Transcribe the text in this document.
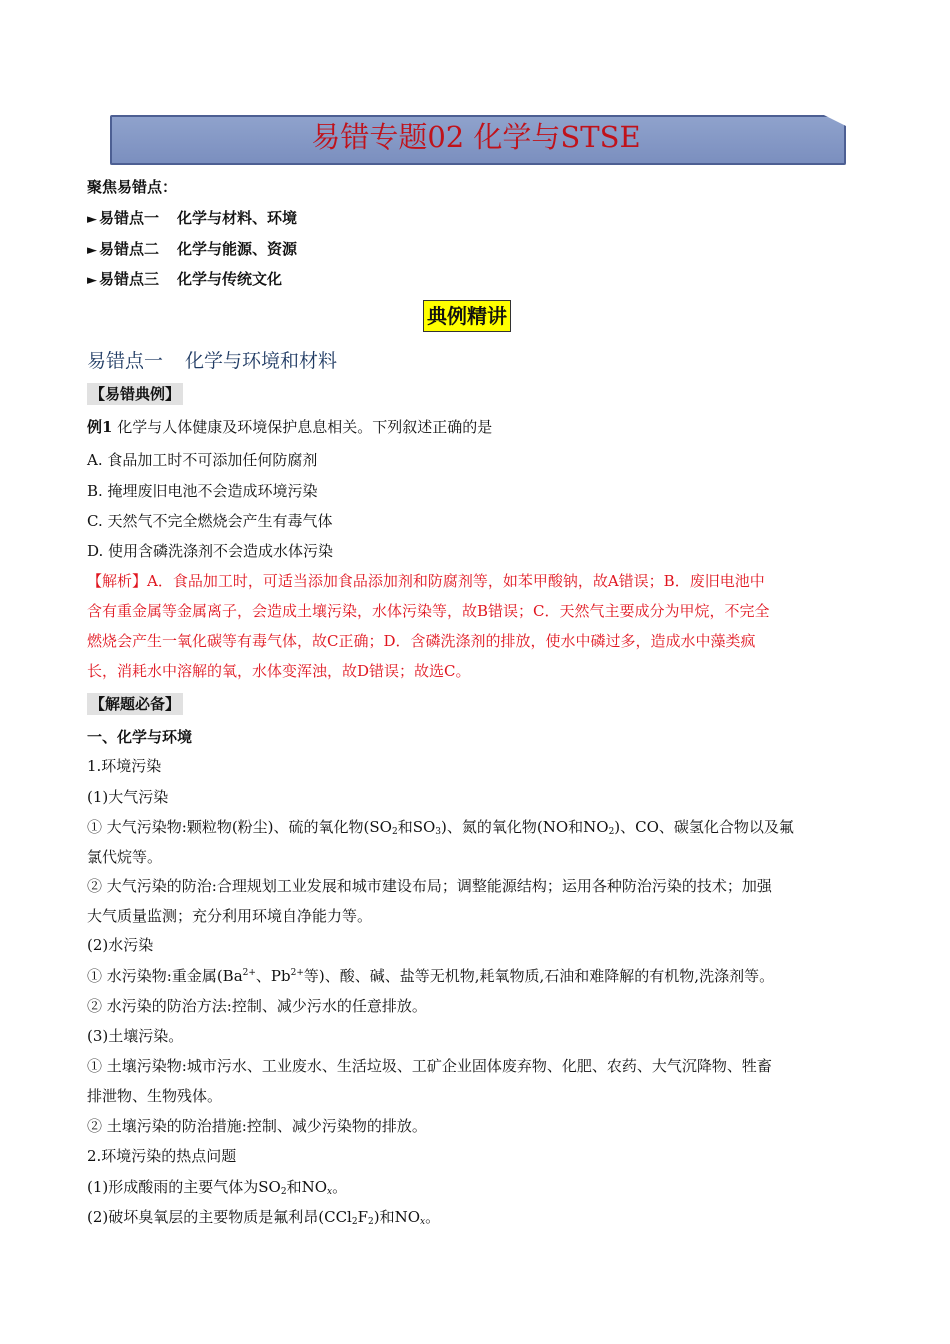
易错专题02 化学与STSE
聚焦易错点：
► 易错点一 化学与材料、环境
► 易错点二 化学与能源、资源
► 易错点三 化学与传统文化
典例精讲
易错点一 化学与环境和材料
【易错典例】
例1 化学与人体健康及环境保护息息相关。下列叙述正确的是
A. 食品加工时不可添加任何防腐剂
B. 掩埋废旧电池不会造成环境污染
C. 天然气不完全燃烧会产生有毒气体
D. 使用含磷洗涤剂不会造成水体污染
【解析】A．食品加工时，可适当添加食品添加剂和防腐剂等，如苯甲酸钠，故A错误；B．废旧电池中
含有重金属等金属离子，会造成土壤污染，水体污染等，故B错误；C．天然气主要成分为甲烷，不完全
燃烧会产生一氧化碳等有毒气体，故C正确；D．含磷洗涤剂的排放，使水中磷过多，造成水中藻类疯
长，消耗水中溶解的氧，水体变浑浊，故D错误；故选C。
【解题必备】
一、化学与环境
1.环境污染
(1)大气污染
① 大气污染物:颗粒物(粉尘)、硫的氧化物($SO_2$和$SO_3$)、氮的氧化物(NO和$NO_2$)、CO、碳氢化合物以及氟
氯代烷等。
② 大气污染的防治:合理规划工业发展和城市建设布局；调整能源结构；运用各种防治污染的技术；加强
大气质量监测；充分利用环境自净能力等。
(2)水污染
① 水污染物:重金属($Ba^{2+}$、$Pb^{2+}$等)、酸、碱、盐等无机物,耗氧物质,石油和难降解的有机物,洗涤剂等。
② 水污染的防治方法:控制、减少污水的任意排放。
(3)土壤污染。
① 土壤污染物:城市污水、工业废水、生活垃圾、工矿企业固体废弃物、化肥、农药、大气沉降物、牲畜
排泄物、生物残体。
② 土壤污染的防治措施:控制、减少污染物的排放。
2.环境污染的热点问题
(1)形成酸雨的主要气体为$SO_2$和$NO_x$。
(2)破坏臭氧层的主要物质是氟利昂$(CCl_2F_2)$和$NO_x$。
